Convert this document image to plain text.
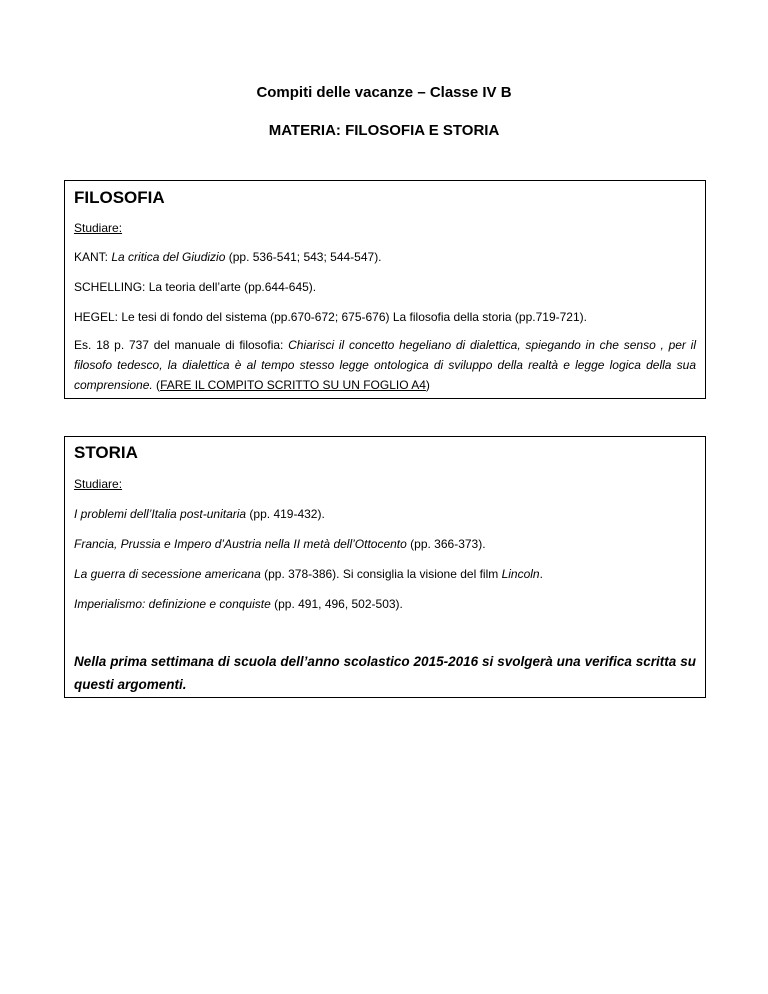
Compiti delle vacanze – Classe IV B
MATERIA: FILOSOFIA E STORIA
FILOSOFIA
Studiare:
KANT: La critica del Giudizio (pp. 536-541; 543; 544-547).
SCHELLING: La teoria dell’arte (pp.644-645).
HEGEL: Le tesi di fondo del sistema (pp.670-672; 675-676) La filosofia della storia (pp.719-721).
Es. 18 p. 737 del manuale di filosofia: Chiarisci il concetto hegeliano di dialettica, spiegando in che senso , per il filosofo tedesco, la dialettica è al tempo stesso legge ontologica di sviluppo della realtà e legge logica della sua comprensione. (FARE IL COMPITO SCRITTO SU UN FOGLIO A4)
STORIA
Studiare:
I problemi dell’Italia post-unitaria (pp. 419-432).
Francia, Prussia e Impero d’Austria nella II metà dell’Ottocento (pp. 366-373).
La guerra di secessione americana (pp. 378-386). Si consiglia la visione del film Lincoln.
Imperialismo: definizione e conquiste (pp. 491, 496, 502-503).
Nella prima settimana di scuola dell’anno scolastico 2015-2016 si svolgerà una verifica scritta su questi argomenti.
